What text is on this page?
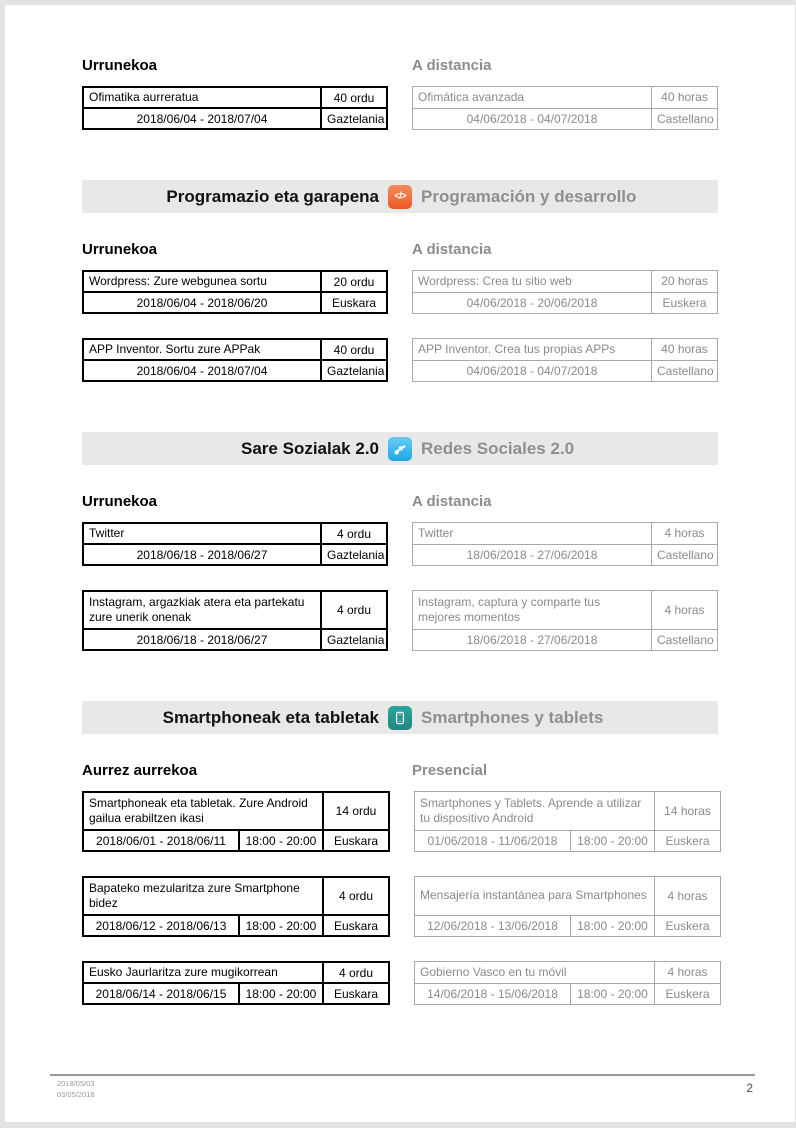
Urrunekoa	A distancia
Ofimatika aurreratua	40 ordu
2018/06/04 - 2018/07/04	Gaztelania
Ofimática avanzada	40 horas
04/06/2018 - 04/07/2018	Castellano
Programazio eta garapena </> Programación y desarrollo
Urrunekoa	A distancia
Wordpress: Zure webgunea sortu	20 ordu
2018/06/04 - 2018/06/20	Euskara
Wordpress: Crea tu sitio web	20 horas
04/06/2018 - 20/06/2018	Euskera
APP Inventor. Sortu zure APPak	40 ordu
2018/06/04 - 2018/07/04	Gaztelania
APP Inventor. Crea tus propias APPs	40 horas
04/06/2018 - 04/07/2018	Castellano
Sare Sozialak 2.0 Redes Sociales 2.0
Urrunekoa	A distancia
Twitter	4 ordu
2018/06/18 - 2018/06/27	Gaztelania
Twitter	4 horas
18/06/2018 - 27/06/2018	Castellano
Instagram, argazkiak atera eta partekatu zure unerik onenak	4 ordu
2018/06/18 - 2018/06/27	Gaztelania
Instagram, captura y comparte tus mejores momentos	4 horas
18/06/2018 - 27/06/2018	Castellano
Smartphoneak eta tabletak Smartphones y tablets
Aurrez aurrekoa	Presencial
Smartphoneak eta tabletak. Zure Android gailua erabiltzen ikasi		14 ordu
2018/06/01 - 2018/06/11	18:00 - 20:00	Euskara
Smartphones y Tablets. Aprende a utilizar tu dispositivo Android		14 horas
01/06/2018 - 11/06/2018	18:00 - 20:00	Euskera
Bapateko mezularitza zure Smartphone bidez		4 ordu
2018/06/12 - 2018/06/13	18:00 - 20:00	Euskara
Mensajería instantánea para Smartphones		4 horas
12/06/2018 - 13/06/2018	18:00 - 20:00	Euskera
Eusko Jaurlaritza zure mugikorrean		4 ordu
2018/06/14 - 2018/06/15	18:00 - 20:00	Euskara
Gobierno Vasco en tu móvil		4 horas
14/06/2018 - 15/06/2018	18:00 - 20:00	Euskera
2018/05/03
03/05/2018	2
